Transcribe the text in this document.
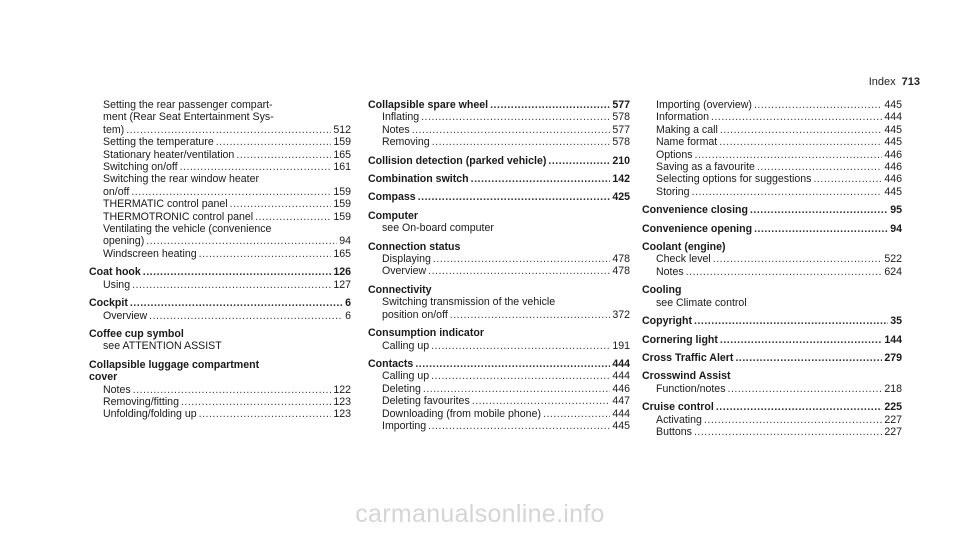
Index 713
Setting the rear passenger compart-
ment (Rear Seat Entertainment Sys-
tem) .....	512
Setting the temperature .....	159
Stationary heater/ventilation .....	165
Switching on/off .....	161
Switching the rear window heater
on/off .....	159
THERMATIC control panel .....	159
THERMOTRONIC control panel .....	159
Ventilating the vehicle (convenience
opening) .....	94
Windscreen heating .....	165
Coat hook .....	126
Using .....	127
Cockpit .....	6
Overview .....	6
Coffee cup symbol
see ATTENTION ASSIST
Collapsible luggage compartment
cover
Notes .....	122
Removing/fitting .....	123
Unfolding/folding up .....	123
Collapsible spare wheel .....	577
Inflating .....	578
Notes .....	577
Removing .....	578
Collision detection (parked vehicle) .....	210
Combination switch .....	142
Compass .....	425
Computer
see On-board computer
Connection status
Displaying .....	478
Overview .....	478
Connectivity
Switching transmission of the vehicle
position on/off .....	372
Consumption indicator
Calling up .....	191
Contacts .....	444
Calling up .....	444
Deleting .....	446
Deleting favourites .....	447
Downloading (from mobile phone) .....	444
Importing .....	445
Importing (overview) .....	445
Information .....	444
Making a call .....	445
Name format .....	445
Options .....	446
Saving as a favourite .....	446
Selecting options for suggestions .....	446
Storing .....	445
Convenience closing .....	95
Convenience opening .....	94
Coolant (engine)
Check level .....	522
Notes .....	624
Cooling
see Climate control
Copyright .....	35
Cornering light .....	144
Cross Traffic Alert .....	279
Crosswind Assist
Function/notes .....	218
Cruise control .....	225
Activating .....	227
Buttons .....	227
carmanualsonline.info
